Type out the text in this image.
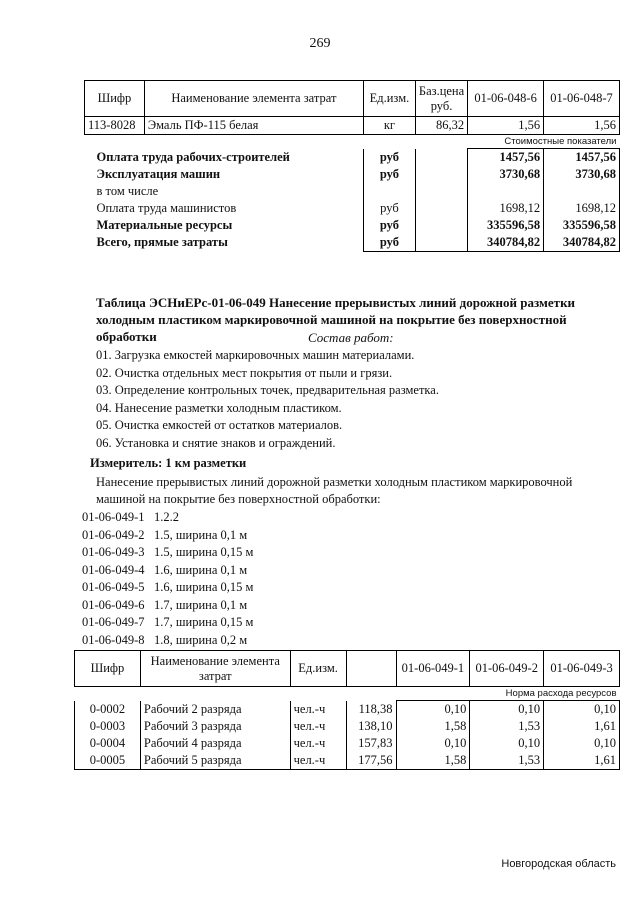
269
Шифр	Наименование элемента затрат	Ед.изм.	Баз.цена руб.	01-06-048-6	01-06-048-7
113-8028	Эмаль ПФ-115 белая	кг	86,32	1,56	1,56
				Стоимостные показатели	
Оплата труда рабочих-строителей		руб		1457,56	1457,56
Эксплуатация машин		руб		3730,68	3730,68
в том числе					
Оплата труда машинистов		руб		1698,12	1698,12
Материальные ресурсы		руб		335596,58	335596,58
Всего, прямые затраты		руб		340784,82	340784,82
Таблица ЭСНиЕРс-01-06-049 Нанесение прерывистых линий дорожной разметки холодным пластиком маркировочной машиной на покрытие без поверхностной обработки	Состав работ:
01. Загрузка емкостей маркировочных машин материалами.
02. Очистка отдельных мест покрытия от пыли и грязи.
03. Определение контрольных точек, предварительная разметка.
04. Нанесение разметки холодным пластиком.
05. Очистка емкостей от остатков материалов.
06. Установка и снятие знаков и ограждений.
Измеритель: 1 км разметки
Нанесение прерывистых линий дорожной разметки холодным пластиком маркировочной машиной на покрытие без поверхностной обработки:
01-06-049-1 1.2.2
01-06-049-2 1.5, ширина 0,1 м
01-06-049-3 1.5, ширина 0,15 м
01-06-049-4 1.6, ширина 0,1 м
01-06-049-5 1.6, ширина 0,15 м
01-06-049-6 1.7, ширина 0,1 м
01-06-049-7 1.7, ширина 0,15 м
01-06-049-8 1.8, ширина 0,2 м
Шифр	Наименование элемента затрат	Ед.изм.		01-06-049-1	01-06-049-2	01-06-049-3
				Норма расхода ресурсов		
0-0002	Рабочий 2 разряда	чел.-ч	118,38	0,10	0,10	0,10
0-0003	Рабочий 3 разряда	чел.-ч	138,10	1,58	1,53	1,61
0-0004	Рабочий 4 разряда	чел.-ч	157,83	0,10	0,10	0,10
0-0005	Рабочий 5 разряда	чел.-ч	177,56	1,58	1,53	1,61
Новгородская область
